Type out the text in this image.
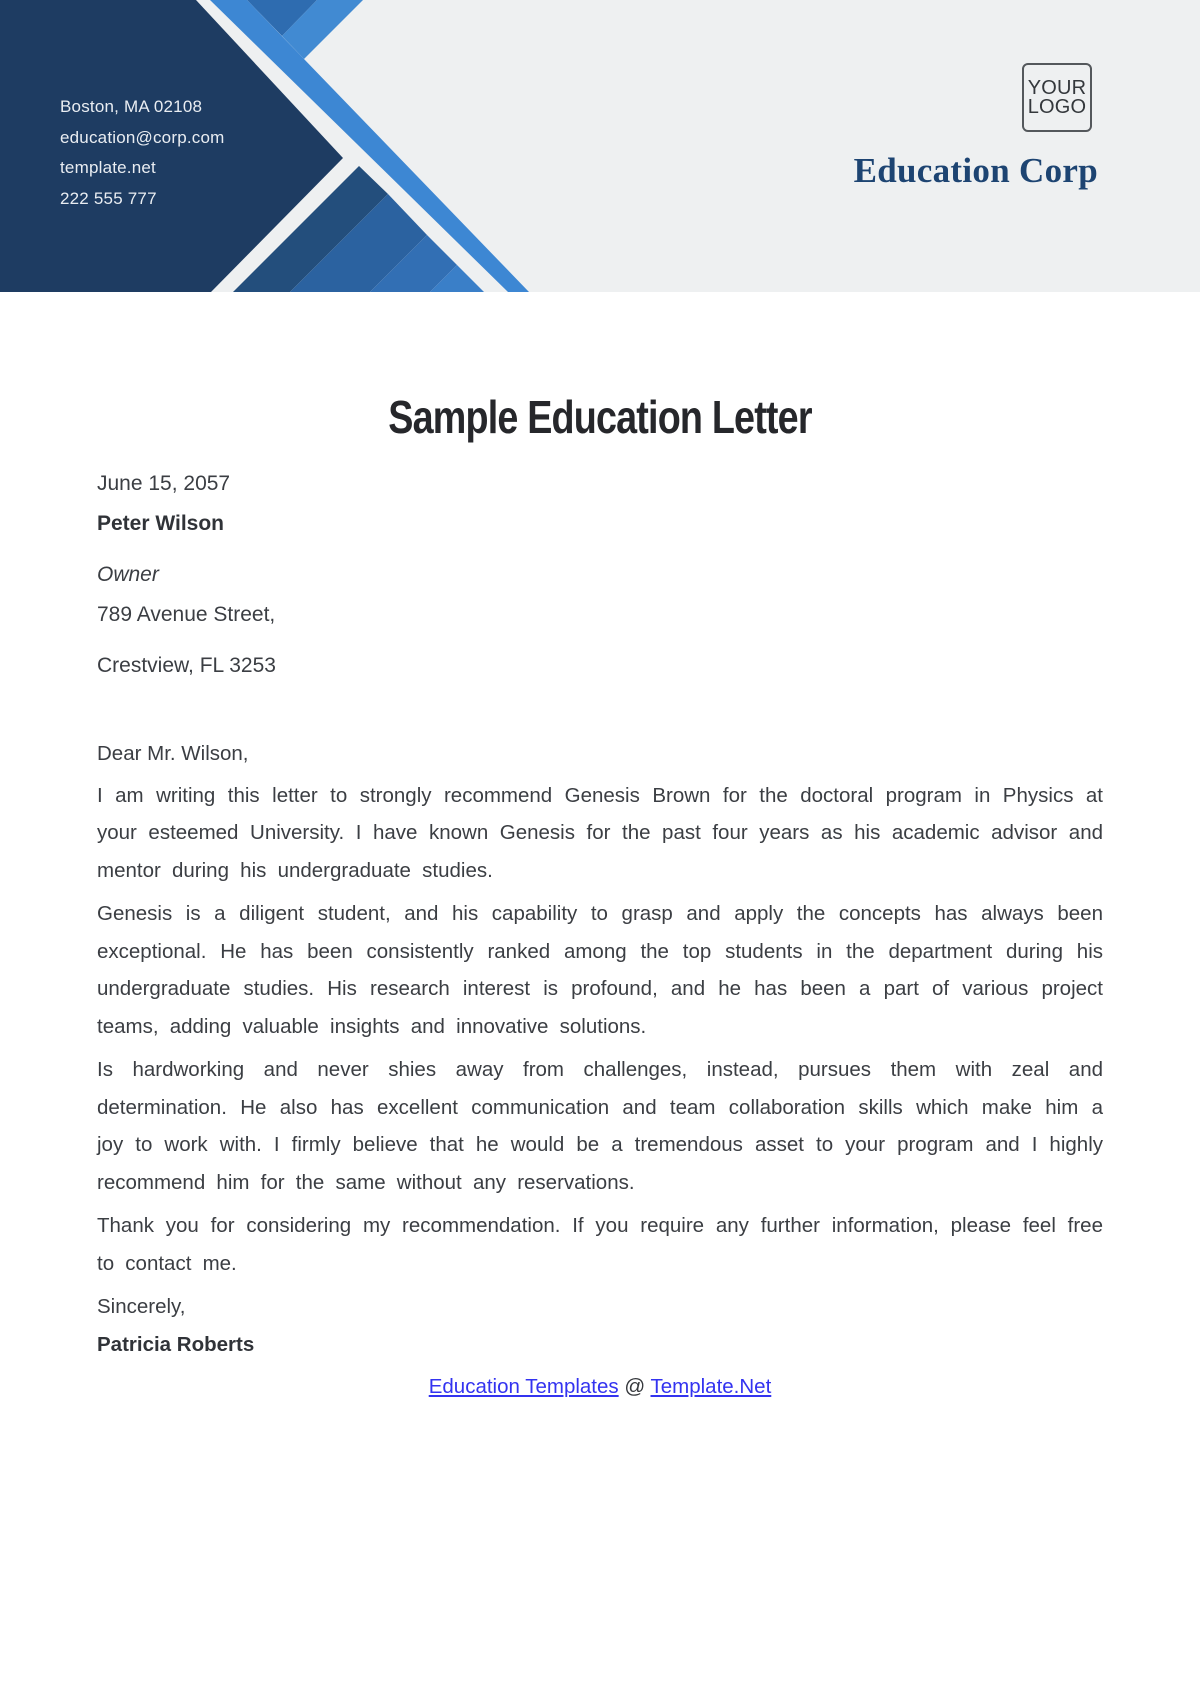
Boston, MA 02108

education@corp.com

template.net

222 555 777

YOUR
LOGO

Education Corp

Sample Education Letter

June 15, 2057

Peter Wilson

Owner

789 Avenue Street,

Crestview, FL 3253

Dear Mr. Wilson,

I am writing this letter to strongly recommend Genesis Brown for the doctoral program in Physics at your esteemed University. I have known Genesis for the past four years as his academic advisor and mentor during his undergraduate studies.

Genesis is a diligent student, and his capability to grasp and apply the concepts has always been exceptional. He has been consistently ranked among the top students in the department during his undergraduate studies. His research interest is profound, and he has been a part of various project teams, adding valuable insights and innovative solutions.

Is hardworking and never shies away from challenges, instead, pursues them with zeal and determination. He also has excellent communication and team collaboration skills which make him a joy to work with. I firmly believe that he would be a tremendous asset to your program and I highly recommend him for the same without any reservations.

Thank you for considering my recommendation. If you require any further information, please feel free to contact me.

Sincerely,

Patricia Roberts

Education Templates @ Template.Net
